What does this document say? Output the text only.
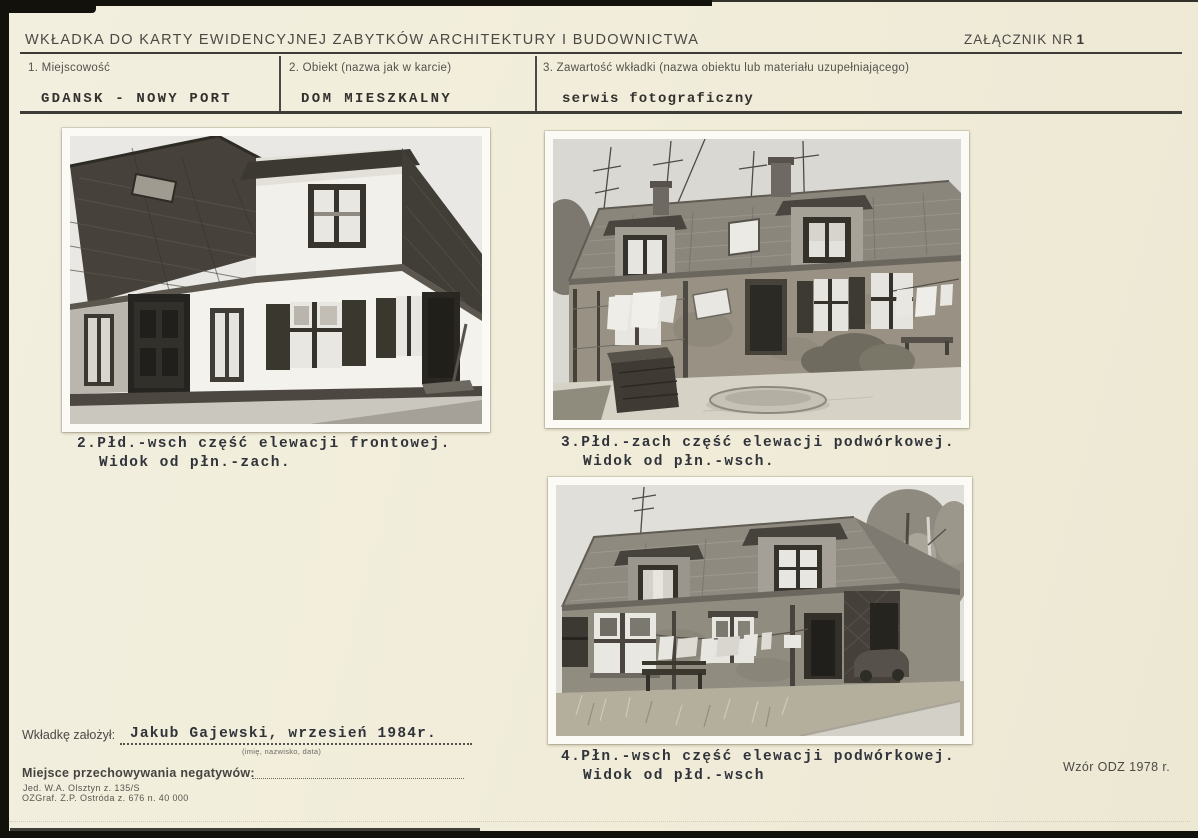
WKŁADKA DO KARTY EWIDENCYJNEJ ZABYTKÓW ARCHITEKTURY I BUDOWNICTWA	ZAŁĄCZNIK NR 1
1. Miejscowość	2. Obiekt (nazwa jak w karcie)	3. Zawartość wkładki (nazwa obiektu lub materiału uzupełniającego)
GDANSK - NOWY PORT	DOM MIESZKALNY	serwis fotograficzny
2.Płd.-wsch część elewacji frontowej.
Widok od płn.-zach.
3.Płd.-zach część elewacji podwórkowej.
Widok od płn.-wsch.
4.Płn.-wsch część elewacji podwórkowej.
Widok od płd.-wsch
Wkładkę założył: Jakub Gajewski, wrzesień 1984r.
(imię, nazwisko, data)
Miejsce przechowywania negatywów:
Jed. W.A. Olsztyn z. 135/S
OZGraf. Z.P. Ostróda z. 676 n. 40 000
Wzór ODZ 1978 r.
